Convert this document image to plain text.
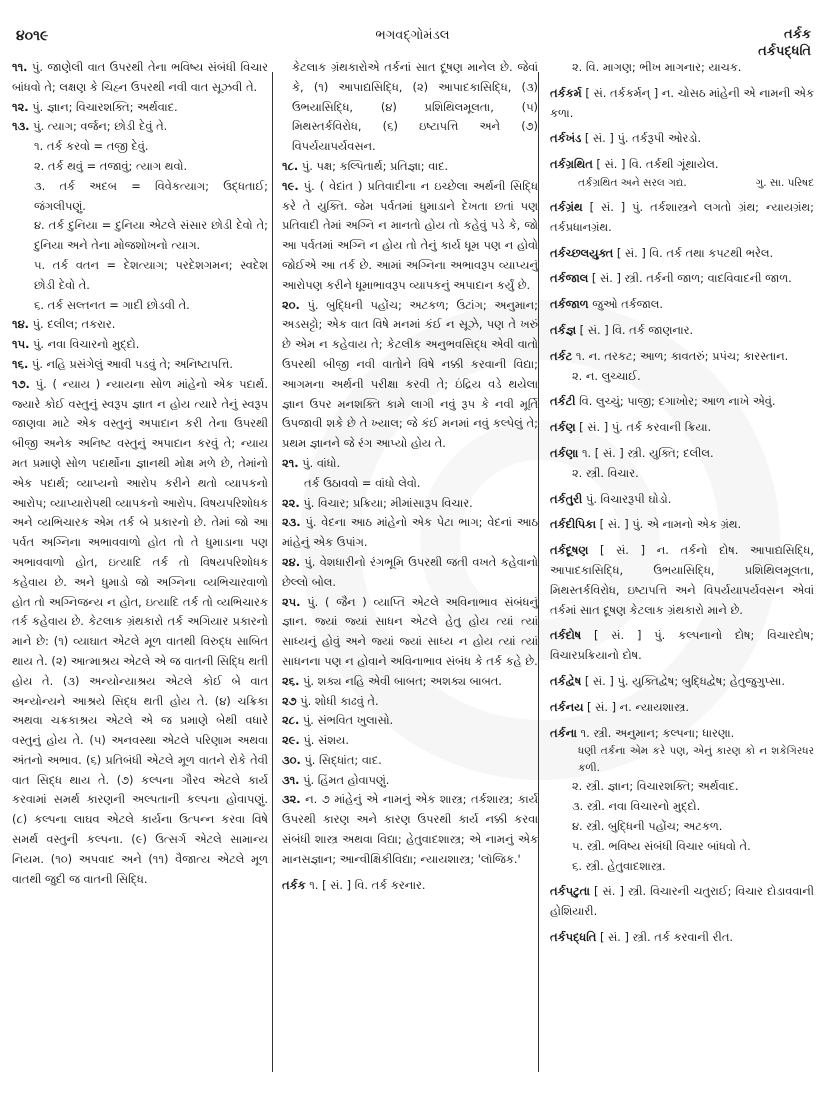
૪૦૧૯	ભગવદ્ગોમંડલ	તર્કક
તર્કપદ્ધતિ
૧૧. પું. જાણેલી વાત ઉપરથી તેના ભવિષ્ય સંબંધી વિચાર બાંધવો તે; લક્ષણ કે ચિહ્ન ઉપરથી નવી વાત સૂઝવી તે.
૧૨. પું. જ્ઞાન; વિચારશક્તિ; અર્થવાદ.
૧૩. પું. ત્યાગ; વર્જન; છોડી દેવું તે.
૧. તર્ક કરવો = તજી દેવું.
૨. તર્ક થવું = તજાવું; ત્યાગ થવો.
૩. તર્ક અદબ = વિવેકત્યાગ; ઉદ્ધતાઈ; જંગલીપણું.
૪. તર્ક દુનિયા = દુનિયા એટલે સંસાર છોડી દેવો તે; દુનિયા અને તેના મોજશોખનો ત્યાગ.
૫. તર્ક વતન = દેશત્યાગ; પરદેશગમન; સ્વદેશ છોડી દેવો તે.
૬. તર્ક સલ્તનત = ગાદી છોડવી તે.
૧૪. પું. દલીલ; તકરાર.
૧૫. પું. નવા વિચારનો મુદ્દો.
૧૬. પું. નહિ પ્રસંગેલું આવી પડવું તે; અનિષ્ટાપત્તિ.
૧૭. પું. ( ન્યાય ) ન્યાયના સોળ માંહેનો એક પદાર્થ. જ્યારે કોઈ વસ્તુનું સ્વરૂપ જ્ઞાત ન હોય ત્યારે તેનું સ્વરૂપ જાણવા માટે એક વસ્તુનું અપાદાન કરી તેના ઉપરથી બીજી અનેક અનિષ્ટ વસ્તુનું અપાદાન કરવું તે; ન્યાય મત પ્રમાણે સોળ પદાર્થોના જ્ઞાનથી મોક્ષ મળે છે, તેમાંનો એક પદાર્થ; વ્યાપ્યનો આરોપ કરીને થતો વ્યાપકનો આરોપ; વ્યાપ્યારોપથી વ્યાપકનો આરોપ. વિષયપરિશોધક અને વ્યભિચારક એમ તર્ક બે પ્રકારનો છે. તેમાં જો આ પર્વત અગ્નિના અભાવવાળો હોત તો તે ધુમાડાના પણ અભાવવાળો હોત, ઇત્યાદિ તર્ક તો વિષયપરિશોધક કહેવાય છે. અને ધુમાડો જો અગ્નિના વ્યભિચારવાળો હોત તો અગ્નિજન્ય ન હોત, ઇત્યાદિ તર્ક તો વ્યભિચારક તર્ક કહેવાય છે. કેટલાક ગ્રંથકારો તર્ક અગિયાર પ્રકારનો માને છે: (૧) વ્યાઘાત એટલે મૂળ વાતથી વિરુદ્ધ સાબિત થાય તે. (૨) આત્માશ્રય એટલે એ જ વાતની સિદ્ધિ થતી હોય તે. (૩) અન્યોન્યાશ્રય એટલે કોઈ બે વાત અન્યોન્યને આશ્રયે સિદ્ધ થતી હોય તે. (૪) ચક્રિકા અથવા ચક્રકાશ્રય એટલે એ જ પ્રમાણે બેથી વધારે વસ્તુનું હોય તે. (૫) અનવસ્થા એટલે પરિણામ અથવા અંતનો અભાવ. (૬) પ્રતિબંધી એટલે મૂળ વાતને રોકે તેવી વાત સિદ્ધ થાય તે. (૭) કલ્પના ગૌરવ એટલે કાર્ય કરવામાં સમર્થ કારણની અલ્પતાની કલ્પના હોવાપણું. (૮) કલ્પના લાઘવ એટલે કાર્યના ઉત્પન્ન કરવા વિષે સમર્થ વસ્તુની કલ્પના. (૯) ઉત્સર્ગ એટલે સામાન્ય નિયમ. (૧૦) અપવાદ અને (૧૧) વૈજાત્ય એટલે મૂળ વાતથી જુદી જ વાતની સિદ્ધિ.
કેટલાક ગ્રંથકારોએ તર્કનાં સાત દૂષણ માનેલ છે. જેવાં કે, (૧) આપાદ્યસિદ્ધિ, (૨) આપાદકાસિદ્ધિ, (૩) ઉભયાસિદ્ધિ, (૪) પ્રશિથિલમૂલતા, (૫) મિથસ્તર્કવિરોધ, (૬) ઇષ્ટાપત્તિ અને (૭) વિપર્યયાપર્યવસન.
૧૮. પું. પક્ષ; કલ્પિતાર્થ; પ્રતિજ્ઞા; વાદ.
૧૯. પું. ( વેદાંત ) પ્રતિવાદીના ન ઇચ્છેલા અર્થની સિદ્ધિ કરે તે યુક્તિ. જેમ પર્વતમાં ધુમાડાને દેખતા છતાં પણ પ્રતિવાદી તેમાં અગ્નિ ન માનતો હોય તો કહેવું પડે કે, જો આ પર્વતમાં અગ્નિ ન હોય તો તેનું કાર્ય ધૂમ પણ ન હોવો જોઈએ આ તર્ક છે. આમાં અગ્નિના અભાવરૂપ વ્યાપ્યનું આરોપણ કરીને ધૂમાભાવરૂપ વ્યાપકનું અપાદાન કર્યું છે.
૨૦. પું. બુદ્ધિની પહોંચ; અટકળ; ઉટાંગ; અનુમાન; અડસટ્ટો; એક વાત વિષે મનમાં કંઈ ન સૂઝે, પણ તે ખરું છે એમ ન કહેવાય તે; કેટલીક અનુભવસિદ્ધ એવી વાતો ઉપરથી બીજી નવી વાતોને વિષે નક્કી કરવાની વિદ્યા; આગમના અર્થની પરીક્ષા કરવી તે; ઇંદ્રિય વડે થયેલા જ્ઞાન ઉપર મનશક્તિ કામે લાગી નવું રૂપ કે નવી મૂર્તિ ઉપજાવી શકે છે તે ખ્યાલ; જે કંઈ મનમાં નવું કલ્પેલું તે; પ્રથમ જ્ઞાનને જે રંગ આપ્યો હોય તે.
૨૧. પું. વાંધો.
તર્ક ઉઠાવવો = વાંધો લેવો.
૨૨. પું. વિચાર; પ્રક્રિયા; મીમાંસારૂપ વિચાર.
૨૩. પું. વેદના આઠ માંહેનો એક પેટા ભાગ; વેદનાં આઠ માંહેનું એક ઉપાંગ.
૨૪. પું. વેશધારીનો રંગભૂમિ ઉપરથી જતી વખતે કહેવાનો છેલ્લો બોલ.
૨૫. પું. ( જૈન ) વ્યાપ્તિ એટલે અવિનાભાવ સંબંધનું જ્ઞાન. જ્યાં જ્યાં સાધન એટલે હેતુ હોય ત્યાં ત્યાં સાધ્યનું હોવું અને જ્યાં જ્યાં સાધ્ય ન હોય ત્યાં ત્યાં સાધનના પણ ન હોવાને અવિનાભાવ સંબંધ કે તર્ક કહે છે.
૨૬. પું. શક્ય નહિ એવી બાબત; અશક્ય બાબત.
૨૭ પું. શોધી કાઢવું તે.
૨૮. પું. સંભવિત ખુલાસો.
૨૯. પું. સંશય.
૩૦. પું. સિદ્ધાંત; વાદ.
૩૧. પું. હિંમત હોવાપણું.
૩૨. ન. ૭ માંહેનું એ નામનું એક શાસ્ત્ર; તર્કશાસ્ત્ર; કાર્ય ઉપરથી કારણ અને કારણ ઉપરથી કાર્ય નક્કી કરવા સંબંધી શાસ્ત્ર અથવા વિદ્યા; હેતુવાદશાસ્ત્ર; એ નામનું એક માનસજ્ઞાન; આન્વીક્ષિકીવિદ્યા; ન્યાયશાસ્ત્ર; 'લૉજિક.'
તર્કક ૧. [ સં. ] વિ. તર્ક કરનાર.
૨. વિ. માગણ; ભીખ માગનાર; યાચક.
તર્કકર્મ [ સં. તર્કકર્મન્ ] ન. ચોસઠ માંહેની એ નામની એક કળા.
તર્કખંડ [ સં. ] પું. તર્કરૂપી ઓરડો.
તર્કગ્રથિત [ સં. ] વિ. તર્કથી ગૂંથાયેલ.
ગુ. સા. પરિષદ
તર્કગ્રથિત અને સરલ ગદ્ય.
તર્કગ્રંથ [ સં. ] પું. તર્કશાસ્ત્રને લગતો ગ્રંથ; ન્યાયગ્રંથ; તર્કપ્રધાનગ્રંથ.
તર્કચ્છલયુક્ત [ સં. ] વિ. તર્ક તથા કપટથી ભરેલ.
તર્કજાલ [ સં. ] સ્ત્રી. તર્કની જાળ; વાદવિવાદની જાળ.
તર્કજાળ જુઓ તર્કજાલ.
તર્કજ્ઞ [ સં. ] વિ. તર્ક જાણનાર.
તર્કટ ૧. ન. તરકટ; આળ; કાવતરું; પ્રપંચ; કારસ્તાન.
૨. ન. લુચ્ચાઈ.
તર્કટી વિ. લુચ્ચું; પાજી; દગાખોર; આળ નાખે એવું.
તર્કણ [ સં. ] પું. તર્ક કરવાની ક્રિયા.
તર્કણા ૧. [ સં. ] સ્ત્રી. યુક્તિ; દલીલ.
૨. સ્ત્રી. વિચાર.
તર્કતુરી પું. વિચારરૂપી ઘોડો.
તર્કદીપિકા [ સં. ] પું. એ નામનો એક ગ્રંથ.
તર્કદૂષણ [ સં. ] ન. તર્કનો દોષ. આપાદ્યસિદ્ધિ, આપાદકાસિદ્ધિ, ઉભયાસિદ્ધિ, પ્રશિથિલમૂલતા, મિથસ્તર્કવિરોધ, ઇષ્ટાપત્તિ અને વિપર્યયાપર્યવસન એવાં તર્કમાં સાત દૂષણ કેટલાક ગ્રંથકારો માને છે.
તર્કદોષ [ સં. ] પું. કલ્પનાનો દોષ; વિચારદોષ; વિચારપ્રક્રિયાનો દોષ.
તર્કદ્વેષ [ સં. ] પું. યુક્તિદ્વેષ; બુદ્ધિદ્વેષ; હેતુજુગુપ્સા.
તર્કનય [ સં. ] ન. ન્યાયશાસ્ત્ર.
તર્કના ૧. સ્ત્રી. અનુમાન; કલ્પના; ધારણા.
ગિરધર
ધણી તર્કના એમ કરે પણ, એનું કારણ કો ન શકે કળી.
૨. સ્ત્રી. જ્ઞાન; વિચારશક્તિ; અર્થવાદ.
૩. સ્ત્રી. નવા વિચારનો મુદ્દો.
૪. સ્ત્રી. બુદ્ધિની પહોંચ; અટકળ.
૫. સ્ત્રી. ભવિષ્ય સંબંધી વિચાર બાંધવો તે.
૬. સ્ત્રી. હેતુવાદશાસ્ત્ર.
તર્કપટુતા [ સં. ] સ્ત્રી. વિચારની ચતુરાઈ; વિચાર દોડાવવાની હોશિયારી.
તર્કપદ્ધતિ [ સં. ] સ્ત્રી. તર્ક કરવાની રીત.
